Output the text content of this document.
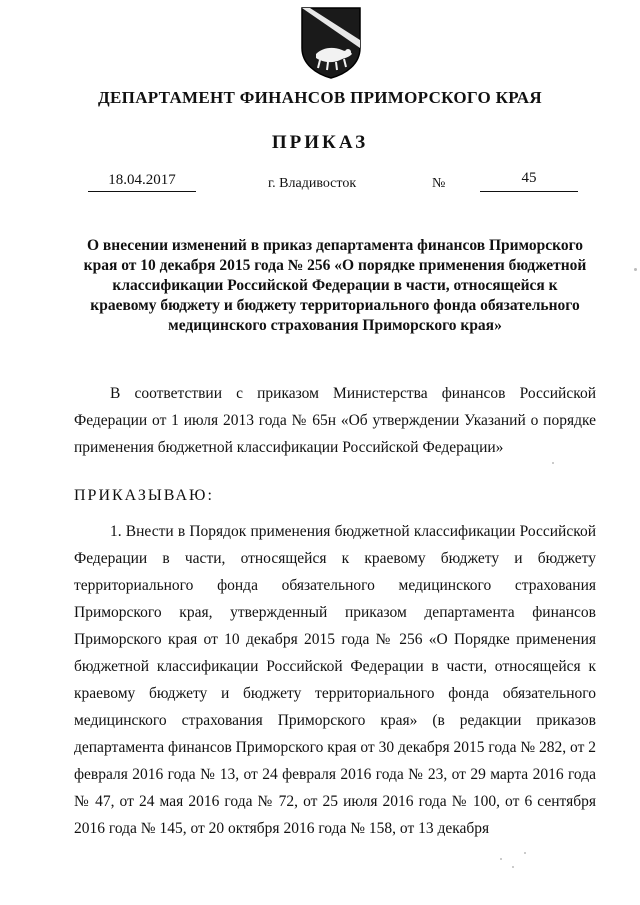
ДЕПАРТАМЕНТ ФИНАНСОВ ПРИМОРСКОГО КРАЯ
ПРИКАЗ
18.04.2017	г. Владивосток	№	45
О внесении изменений в приказ департамента финансов Приморского края от 10 декабря 2015 года № 256 «О порядке применения бюджетной классификации Российской Федерации в части, относящейся к краевому бюджету и бюджету территориального фонда обязательного медицинского страхования Приморского края»
В соответствии с приказом Министерства финансов Российской Федерации от 1 июля 2013 года № 65н «Об утверждении Указаний о порядке применения бюджетной классификации Российской Федерации»
ПРИКАЗЫВАЮ:
1. Внести в Порядок применения бюджетной классификации Российской Федерации в части, относящейся к краевому бюджету и бюджету территориального фонда обязательного медицинского страхования Приморского края, утвержденный приказом департамента финансов Приморского края от 10 декабря 2015 года № 256 «О Порядке применения бюджетной классификации Российской Федерации в части, относящейся к краевому бюджету и бюджету территориального фонда обязательного медицинского страхования Приморского края» (в редакции приказов департамента финансов Приморского края от 30 декабря 2015 года № 282, от 2 февраля 2016 года № 13, от 24 февраля 2016 года № 23, от 29 марта 2016 года № 47, от 24 мая 2016 года № 72, от 25 июля 2016 года № 100, от 6 сентября 2016 года № 145, от 20 октября 2016 года № 158, от 13 декабря
